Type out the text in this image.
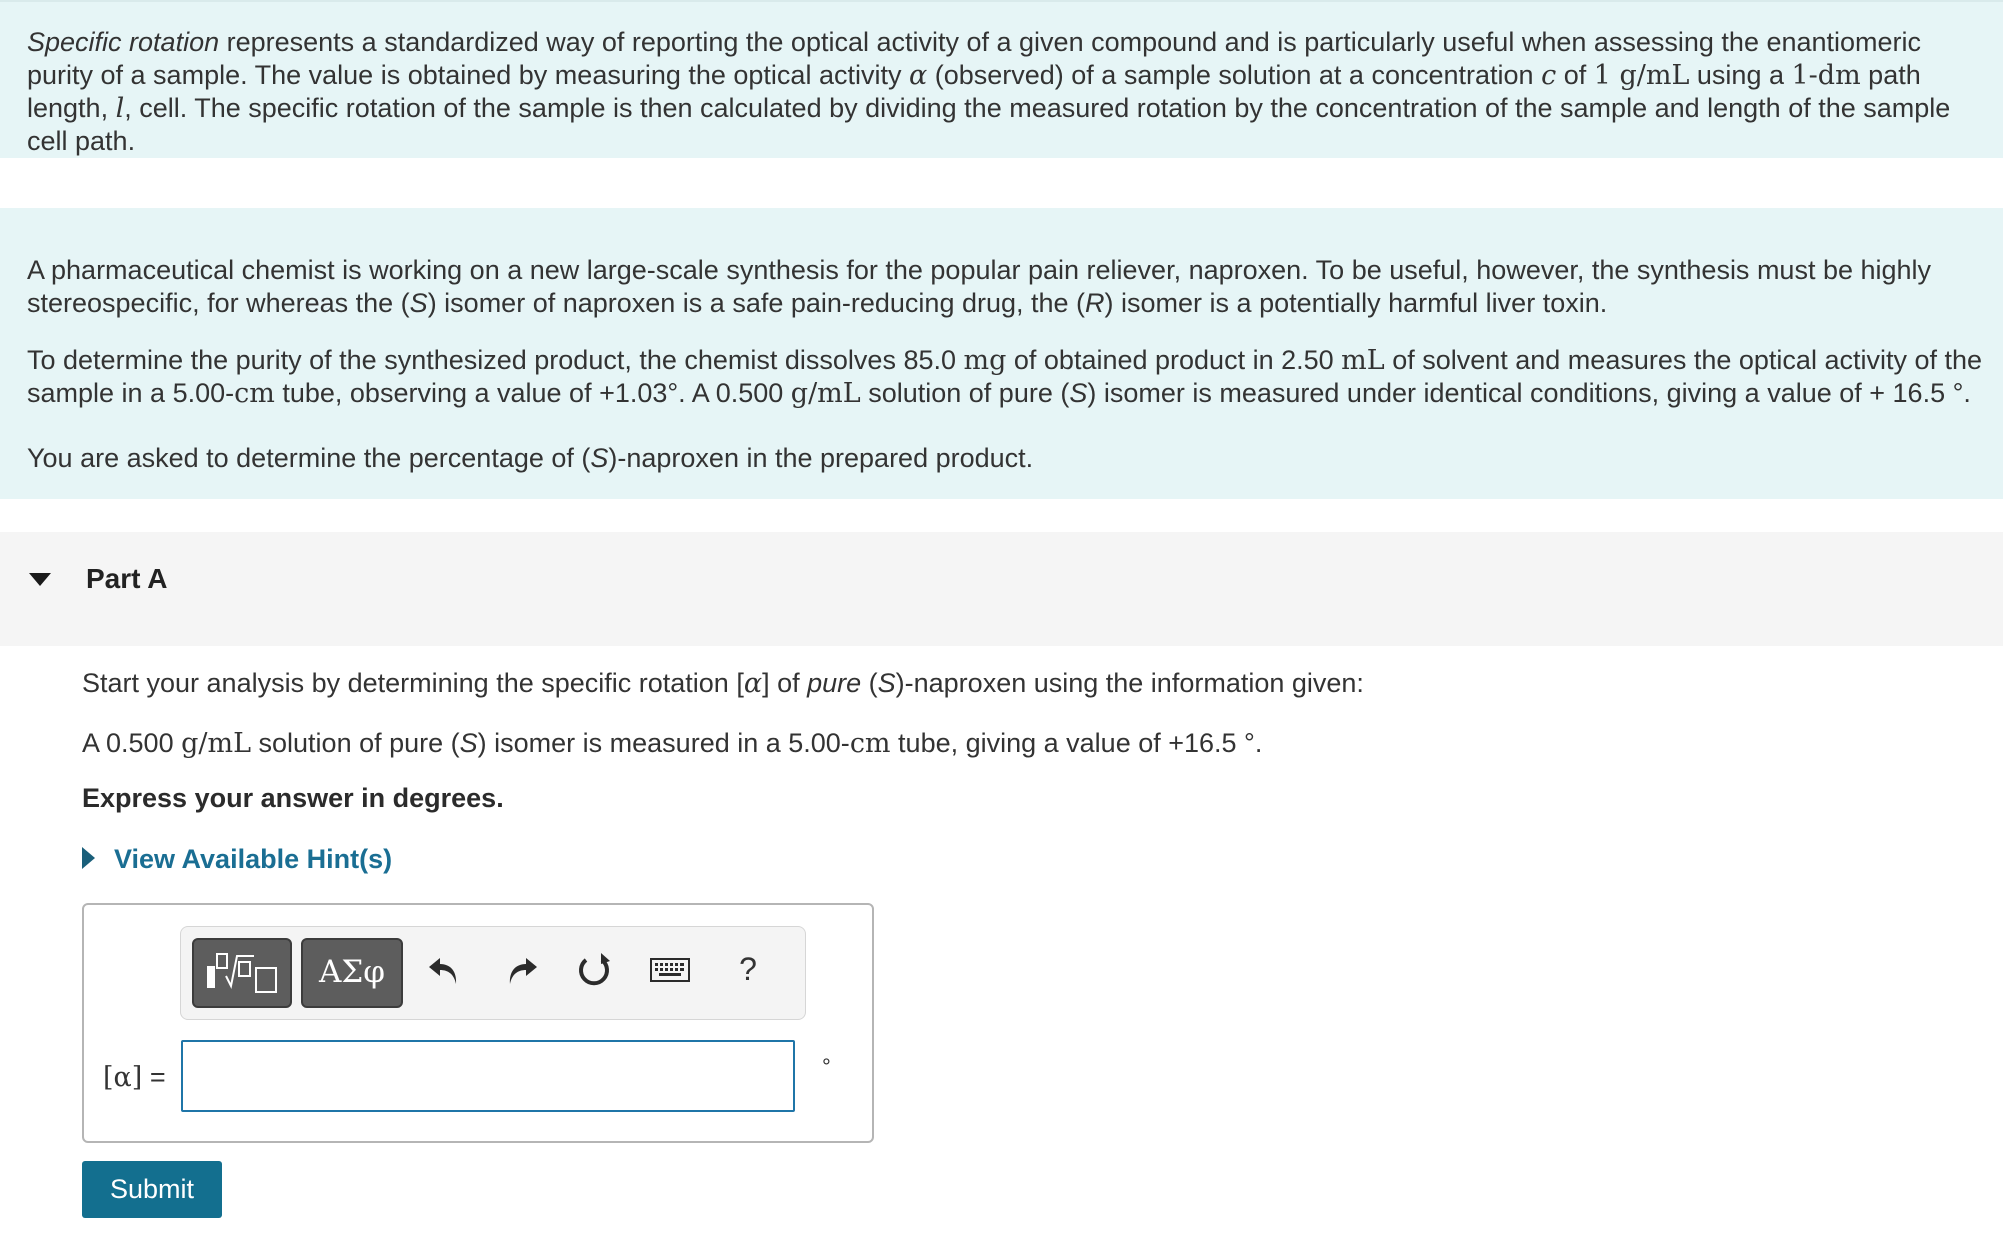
Specific rotation represents a standardized way of reporting the optical activity of a given compound and is particularly useful when assessing the enantiomeric purity of a sample. The value is obtained by measuring the optical activity α (observed) of a sample solution at a concentration c of 1 g/mL using a 1-dm path length, l, cell. The specific rotation of the sample is then calculated by dividing the measured rotation by the concentration of the sample and length of the sample cell path.

A pharmaceutical chemist is working on a new large-scale synthesis for the popular pain reliever, naproxen. To be useful, however, the synthesis must be highly stereospecific, for whereas the (S) isomer of naproxen is a safe pain-reducing drug, the (R) isomer is a potentially harmful liver toxin.

To determine the purity of the synthesized product, the chemist dissolves 85.0 mg of obtained product in 2.50 mL of solvent and measures the optical activity of the sample in a 5.00-cm tube, observing a value of +1.03°. A 0.500 g/mL solution of pure (S) isomer is measured under identical conditions, giving a value of + 16.5 °.

You are asked to determine the percentage of (S)-naproxen in the prepared product.

Part A

Start your analysis by determining the specific rotation [α] of pure (S)-naproxen using the information given:

A 0.500 g/mL solution of pure (S) isomer is measured in a 5.00-cm tube, giving a value of +16.5 °.

Express your answer in degrees.

View Available Hint(s)
ΑΣφ	?
[α] =	°
Submit
